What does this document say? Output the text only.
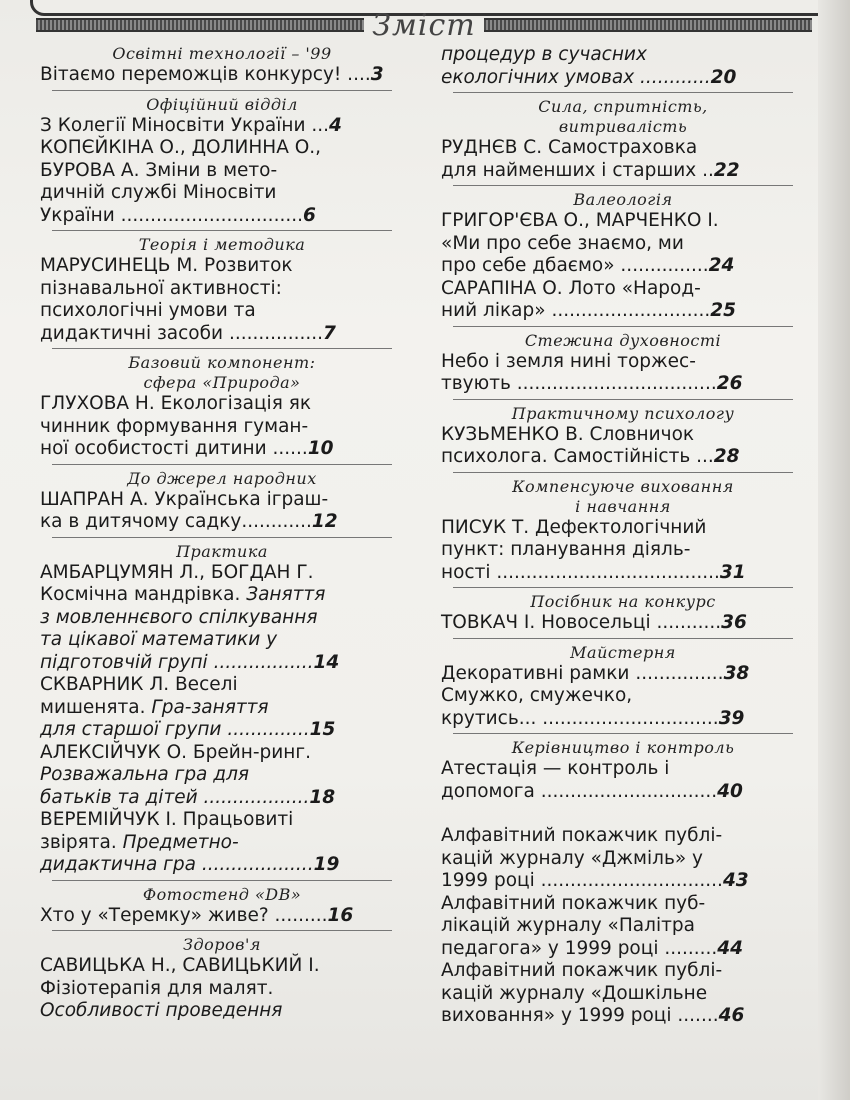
Зміст
Освітні технології – '99
Вітаємо переможців конкурсу! ....3
Офіційний відділ
З Колегії Міносвіти України ...4
КОПЄЙКІНА О., ДОЛИННА О.,
БУРОВА А. Зміни в мето-
дичній службі Міносвіти
України ...............................6
Теорія і методика
МАРУСИНЕЦЬ М. Розвиток
пізнавальної активності:
психологічні умови та
дидактичні засоби ................7
Базовий компонент:
сфера «Природа»
ГЛУХОВА Н. Екологізація як
чинник формування гуман-
ної особистості дитини ......10
До джерел народних
ШАПРАН А. Українська іграш-
ка в дитячому садку............12
Практика
АМБАРЦУМЯН Л., БОГДАН Г.
Космічна мандрівка. Заняття
з мовленнєвого спілкування
та цікавої математики у
підготовчій групі .................14
СКВАРНИК Л. Веселі
мишенята. Гра-заняття
для старшої групи ..............15
АЛЕКСІЙЧУК О. Брейн-ринг.
Розважальна гра для
батьків та дітей ..................18
ВЕРЕМІЙЧУК І. Працьовиті
звірята. Предметно-
дидактична гра ...................19
Фотостенд «DB»
Хто у «Теремку» живе? .........16
Здоров'я
САВИЦЬКА Н., САВИЦЬКИЙ І.
Фізіотерапія для малят.
Особливості проведення
процедур в сучасних
екологічних умовах ............20
Сила, спритність,
витривалість
РУДНЄВ С. Самостраховка
для найменших і старших ..22
Валеологія
ГРИГОР'ЄВА О., МАРЧЕНКО І.
«Ми про себе знаємо, ми
про себе дбаємо» ...............24
САРАПІНА О. Лото «Народ-
ний лікар» ...........................25
Стежина духовності
Небо і земля нині торжес-
твують ..................................26
Практичному психологу
КУЗЬМЕНКО В. Словничок
психолога. Самостійність ...28
Компенсуюче виховання
і навчання
ПИСУК Т. Дефектологічний
пункт: планування діяль-
ності ......................................31
Посібник на конкурс
ТОВКАЧ І. Новосельці ...........36
Майстерня
Декоративні рамки ...............38
Смужко, смужечко,
крутись... ..............................39
Керівництво і контроль
Атестація — контроль і
допомога ..............................40
Алфавітний покажчик публі-
кацій журналу «Джміль» у
1999 році ...............................43
Алфавітний покажчик пуб-
лікацій журналу «Палітра
педагога» у 1999 році .........44
Алфавітний покажчик публі-
кацій журналу «Дошкільне
виховання» у 1999 році .......46
